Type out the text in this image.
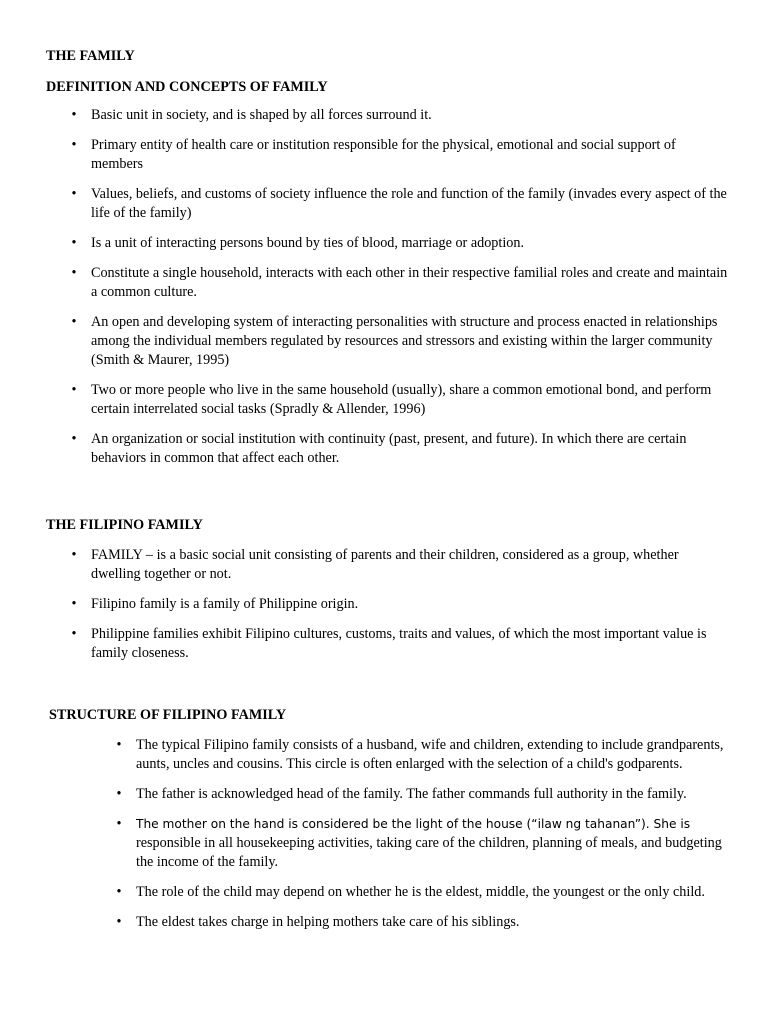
THE FAMILY

DEFINITION AND CONCEPTS OF FAMILY

• Basic unit in society, and is shaped by all forces surround it.
• Primary entity of health care or institution responsible for the physical, emotional and social support of members
• Values, beliefs, and customs of society influence the role and function of the family (invades every aspect of the life of the family)
• Is a unit of interacting persons bound by ties of blood, marriage or adoption.
• Constitute a single household, interacts with each other in their respective familial roles and create and maintain a common culture.
• An open and developing system of interacting personalities with structure and process enacted in relationships among the individual members regulated by resources and stressors and existing within the larger community (Smith & Maurer, 1995)
• Two or more people who live in the same household (usually), share a common emotional bond, and perform certain interrelated social tasks (Spradly & Allender, 1996)
• An organization or social institution with continuity (past, present, and future). In which there are certain behaviors in common that affect each other.

THE FILIPINO FAMILY

• FAMILY – is a basic social unit consisting of parents and their children, considered as a group, whether dwelling together or not.
• Filipino family is a family of Philippine origin.
• Philippine families exhibit Filipino cultures, customs, traits and values, of which the most important value is family closeness.

STRUCTURE OF FILIPINO FAMILY

• The typical Filipino family consists of a husband, wife and children, extending to include grandparents, aunts, uncles and cousins. This circle is often enlarged with the selection of a child's godparents.
• The father is acknowledged head of the family. The father commands full authority in the family.
• The mother on the hand is considered be the light of the house (“ilaw ng tahanan”). She is responsible in all housekeeping activities, taking care of the children, planning of meals, and budgeting the income of the family.
• The role of the child may depend on whether he is the eldest, middle, the youngest or the only child.
• The eldest takes charge in helping mothers take care of his siblings.
